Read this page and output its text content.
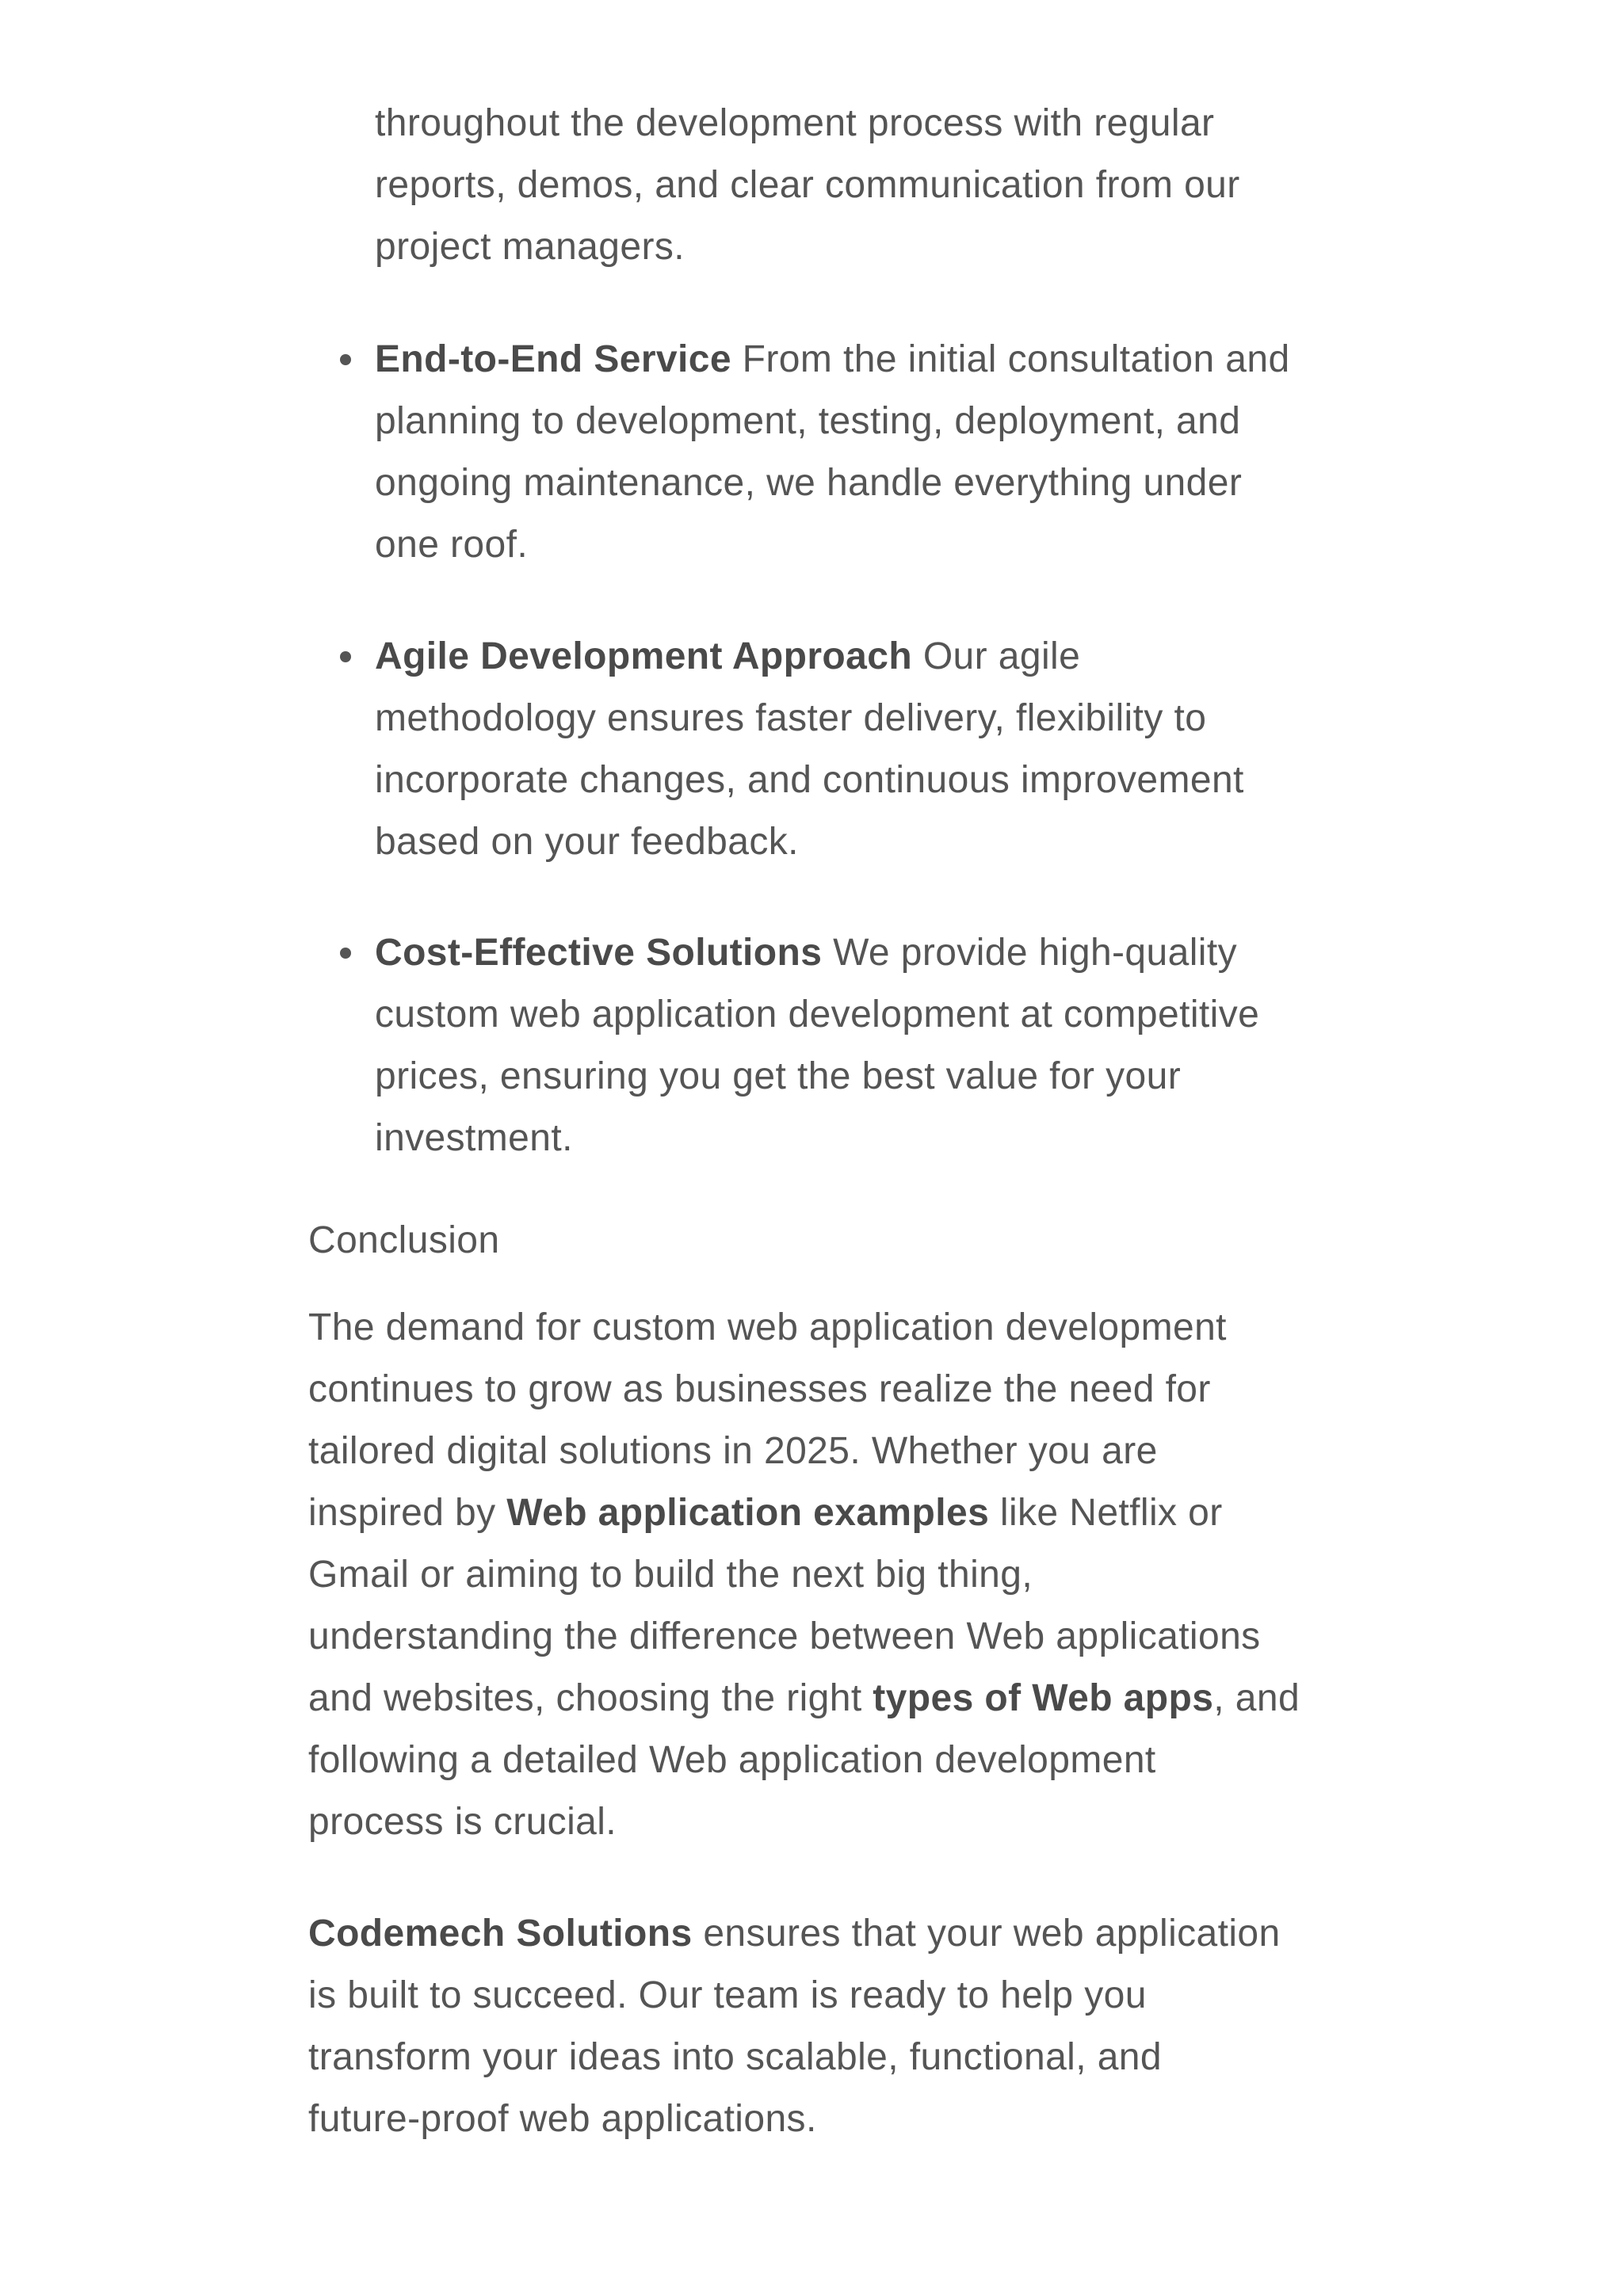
throughout the development process with regular
reports, demos, and clear communication from our
project managers.
End-to-End Service From the initial consultation and
planning to development, testing, deployment, and
ongoing maintenance, we handle everything under
one roof.
Agile Development Approach Our agile
methodology ensures faster delivery, flexibility to
incorporate changes, and continuous improvement
based on your feedback.
Cost-Effective Solutions We provide high-quality
custom web application development at competitive
prices, ensuring you get the best value for your
investment.
Conclusion
The demand for custom web application development
continues to grow as businesses realize the need for
tailored digital solutions in 2025. Whether you are
inspired by Web application examples like Netflix or
Gmail or aiming to build the next big thing,
understanding the difference between Web applications
and websites, choosing the right types of Web apps, and
following a detailed Web application development
process is crucial.
Codemech Solutions ensures that your web application
is built to succeed. Our team is ready to help you
transform your ideas into scalable, functional, and
future-proof web applications.
